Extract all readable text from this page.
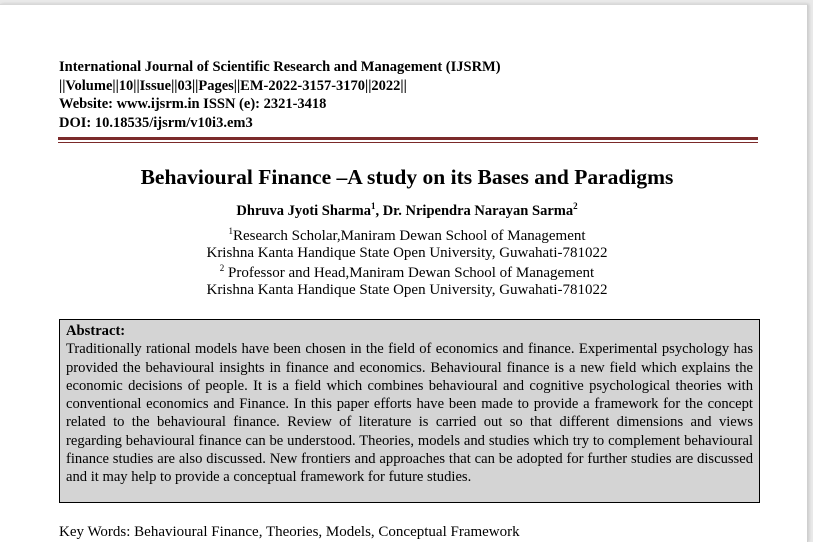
International Journal of Scientific Research and Management (IJSRM)
||Volume||10||Issue||03||Pages||EM-2022-3157-3170||2022||
Website: www.ijsrm.in ISSN (e): 2321-3418
DOI: 10.18535/ijsrm/v10i3.em3
Behavioural Finance –A study on its Bases and Paradigms
Dhruva Jyoti Sharma$^1$, Dr. Nripendra Narayan Sarma$^2$
$^1$Research Scholar,Maniram Dewan School of Management
Krishna Kanta Handique State Open University, Guwahati-781022
$^2$ Professor and Head,Maniram Dewan School of Management
Krishna Kanta Handique State Open University, Guwahati-781022
Abstract:
Traditionally rational models have been chosen in the field of economics and finance. Experimental psychology has provided the behavioural insights in finance and economics. Behavioural finance is a new field which explains the economic decisions of people. It is a field which combines behavioural and cognitive psychological theories with conventional economics and Finance. In this paper efforts have been made to provide a framework for the concept related to the behavioural finance. Review of literature is carried out so that different dimensions and views regarding behavioural finance can be understood. Theories, models and studies which try to complement behavioural finance studies are also discussed. New frontiers and approaches that can be adopted for further studies are discussed and it may help to provide a conceptual framework for future studies.
Key Words: Behavioural Finance, Theories, Models, Conceptual Framework
